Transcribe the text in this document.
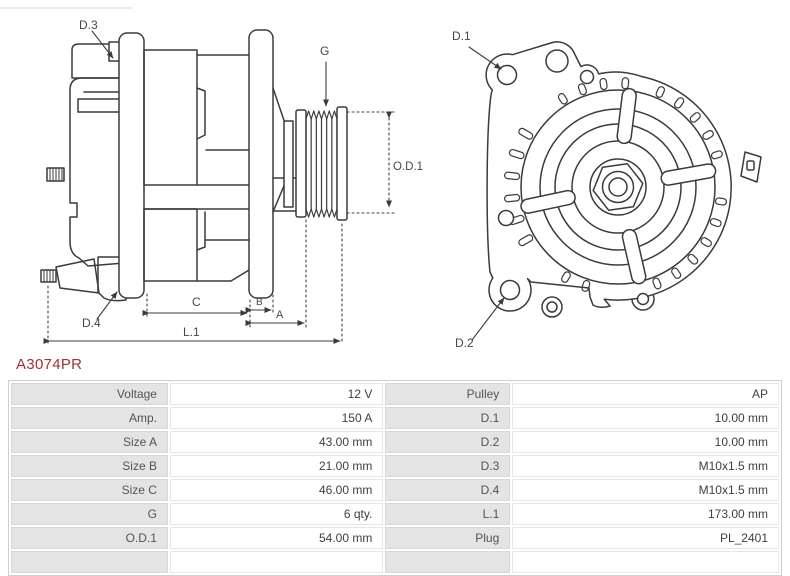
D.3
G
O.D.1
D.4
C	B
A
L.1
D.1
D.2
A3074PR
Voltage	12 V	Pulley	AP
Amp.	150 A	D.1	10.00 mm
Size A	43.00 mm	D.2	10.00 mm
Size B	21.00 mm	D.3	M10x1.5 mm
Size C	46.00 mm	D.4	M10x1.5 mm
G	6 qty.	L.1	173.00 mm
O.D.1	54.00 mm	Plug	PL_2401
